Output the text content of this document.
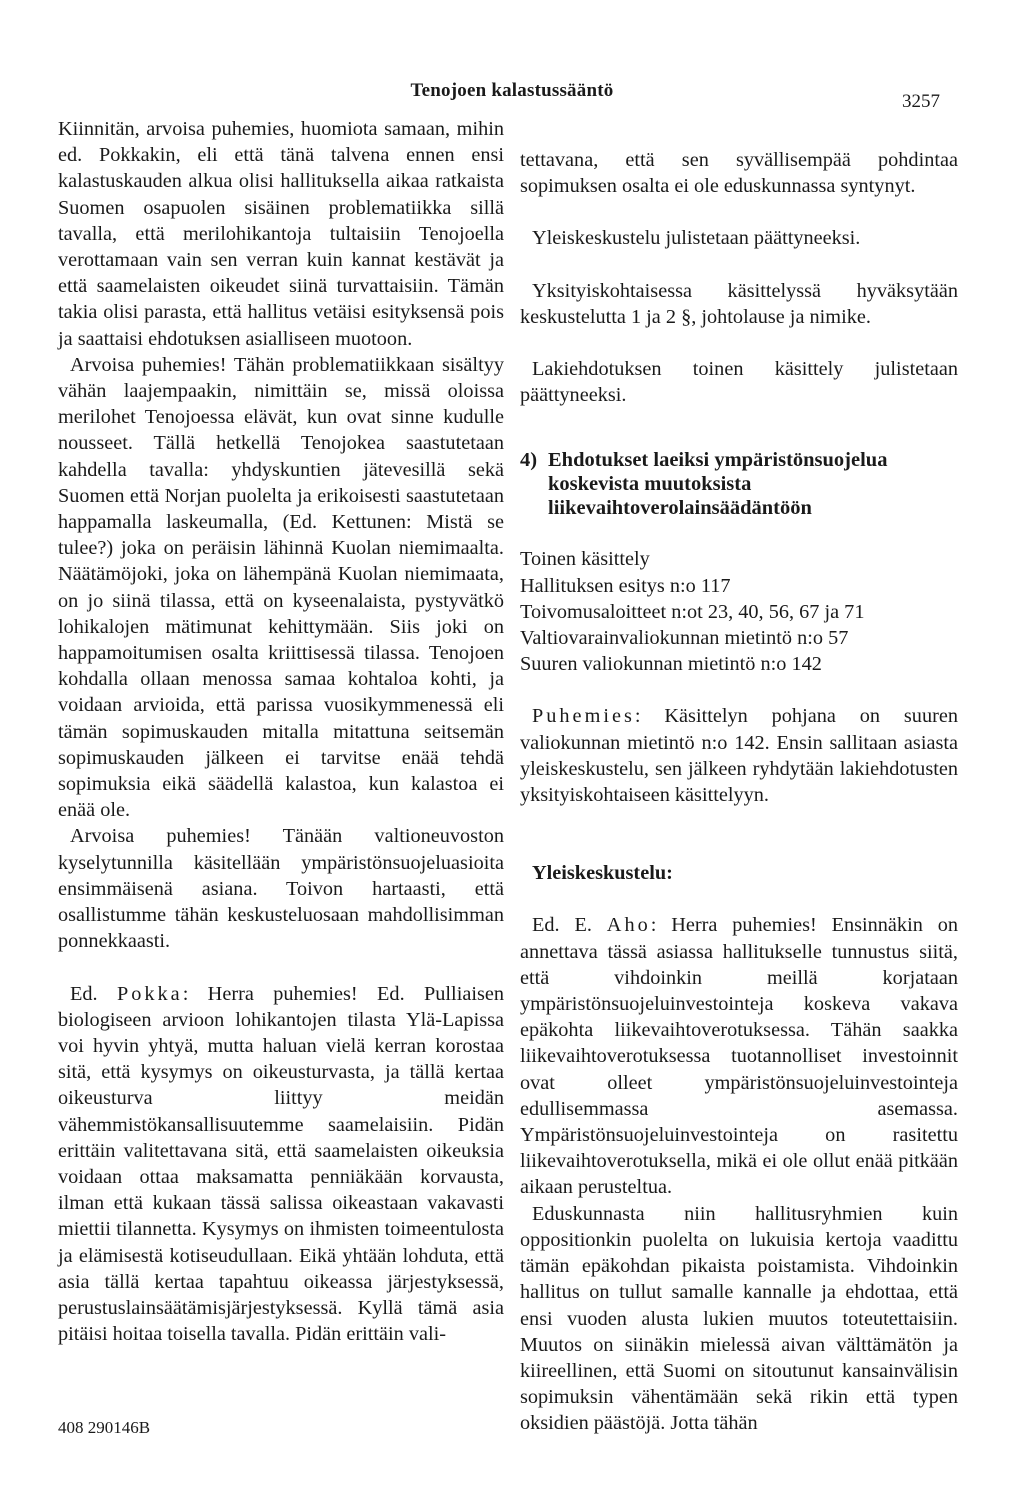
Tenojoen kalastussääntö
3257

Kiinnitän, arvoisa puhemies, huomiota samaan, mihin ed. Pokkakin, eli että tänä talvena ennen ensi kalastuskauden alkua olisi hallituksella aikaa ratkaista Suomen osapuolen sisäinen problematiikka sillä tavalla, että merilohikantoja tultaisiin Tenojoella verottamaan vain sen verran kuin kannat kestävät ja että saamelaisten oikeudet siinä turvattaisiin. Tämän takia olisi parasta, että hallitus vetäisi esityksensä pois ja saattaisi ehdotuksen asialliseen muotoon.

Arvoisa puhemies! Tähän problematiikkaan sisältyy vähän laajempaakin, nimittäin se, missä oloissa merilohet Tenojoessa elävät, kun ovat sinne kudulle nousseet. Tällä hetkellä Tenojokea saastutetaan kahdella tavalla: yhdyskuntien jätevesillä sekä Suomen että Norjan puolelta ja erikoisesti saastutetaan happamalla laskeumalla, (Ed. Kettunen: Mistä se tulee?) joka on peräisin lähinnä Kuolan niemimaalta. Näätämöjoki, joka on lähempänä Kuolan niemimaata, on jo siinä tilassa, että on kyseenalaista, pystyvätkö lohikalojen mätimunat kehittymään. Siis joki on happamoitumisen osalta kriittisessä tilassa. Tenojoen kohdalla ollaan menossa samaa kohtaloa kohti, ja voidaan arvioida, että parissa vuosikymmenessä eli tämän sopimuskauden mitalla mitattuna seitsemän sopimuskauden jälkeen ei tarvitse enää tehdä sopimuksia eikä säädellä kalastoa, kun kalastoa ei enää ole.

Arvoisa puhemies! Tänään valtioneuvoston kyselytunnilla käsitellään ympäristönsuojeluasioita ensimmäisenä asiana. Toivon hartaasti, että osallistumme tähän keskusteluosaan mahdollisimman ponnekkaasti.

Ed. Pokka: Herra puhemies! Ed. Pulliaisen biologiseen arvioon lohikantojen tilasta Ylä-Lapissa voi hyvin yhtyä, mutta haluan vielä kerran korostaa sitä, että kysymys on oikeusturvasta, ja tällä kertaa oikeusturva liittyy meidän vähemmistökansallisuutemme saamelaisiin. Pidän erittäin valitettavana sitä, että saamelaisten oikeuksia voidaan ottaa maksamatta penniäkään korvausta, ilman että kukaan tässä salissa oikeastaan vakavasti miettii tilannetta. Kysymys on ihmisten toimeentulosta ja elämisestä kotiseudullaan. Eikä yhtään lohduta, että asia tällä kertaa tapahtuu oikeassa järjestyksessä, perustuslainsäätämisjärjestyksessä. Kyllä tämä asia pitäisi hoitaa toisella tavalla. Pidän erittäin vali-

tettavana, että sen syvällisempää pohdintaa sopimuksen osalta ei ole eduskunnassa syntynyt.

Yleiskeskustelu julistetaan päättyneeksi.

Yksityiskohtaisessa käsittelyssä hyväksytään keskustelutta 1 ja 2 §, johtolause ja nimike.

Lakiehdotuksen toinen käsittely julistetaan päättyneeksi.

4) Ehdotukset laeiksi ympäristönsuojelua koskevista muutoksista liikevaihtoverolainsäädäntöön
Toinen käsittely
Hallituksen esitys n:o 117
Toivomusaloitteet n:ot 23, 40, 56, 67 ja 71
Valtiovarainvaliokunnan mietintö n:o 57
Suuren valiokunnan mietintö n:o 142

Puhemies: Käsittelyn pohjana on suuren valiokunnan mietintö n:o 142. Ensin sallitaan asiasta yleiskeskustelu, sen jälkeen ryhdytään lakiehdotusten yksityiskohtaiseen käsittelyyn.

Yleiskeskustelu:

Ed. E. Aho: Herra puhemies! Ensinnäkin on annettava tässä asiassa hallitukselle tunnustus siitä, että vihdoinkin meillä korjataan ympäristönsuojeluinvestointeja koskeva vakava epäkohta liikevaihtoverotuksessa. Tähän saakka liikevaihtoverotuksessa tuotannolliset investoinnit ovat olleet ympäristönsuojeluinvestointeja edullisemmassa asemassa. Ympäristönsuojeluinvestointeja on rasitettu liikevaihtoverotuksella, mikä ei ole ollut enää pitkään aikaan perusteltua.

Eduskunnasta niin hallitusryhmien kuin oppositionkin puolelta on lukuisia kertoja vaadittu tämän epäkohdan pikaista poistamista. Vihdoinkin hallitus on tullut samalle kannalle ja ehdottaa, että ensi vuoden alusta lukien muutos toteutettaisiin. Muutos on siinäkin mielessä aivan välttämätön ja kiireellinen, että Suomi on sitoutunut kansainvälisin sopimuksin vähentämään sekä rikin että typen oksidien päästöjä. Jotta tähän

408 290146B
